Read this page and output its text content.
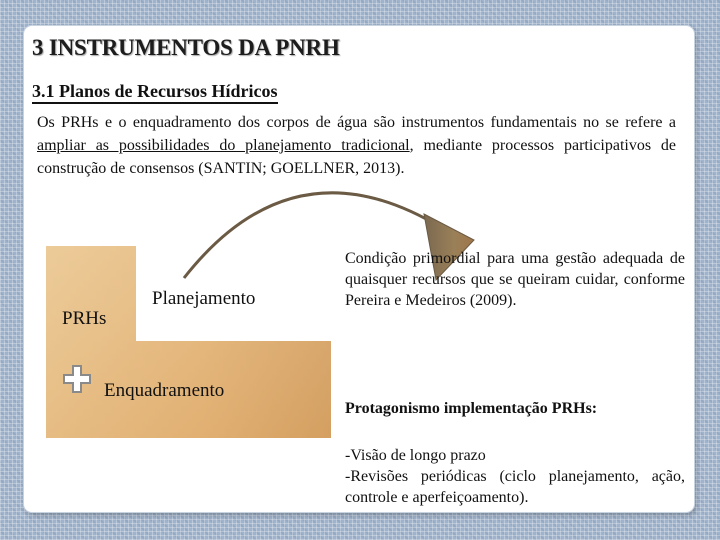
3 INSTRUMENTOS DA PNRH
3.1 Planos de Recursos Hídricos

Os PRHs e o enquadramento dos corpos de água são instrumentos fundamentais no se refere a ampliar as possibilidades do planejamento tradicional, mediante processos participativos de construção de consensos (SANTIN; GOELLNER, 2013).

PRHs

Planejamento

Enquadramento

Condição primordial para uma gestão adequada de quaisquer recursos que se queiram cuidar, conforme Pereira e Medeiros (2009).

Protagonismo implementação PRHs:

-Visão de longo prazo
-Revisões periódicas (ciclo planejamento, ação, controle e aperfeiçoamento).
